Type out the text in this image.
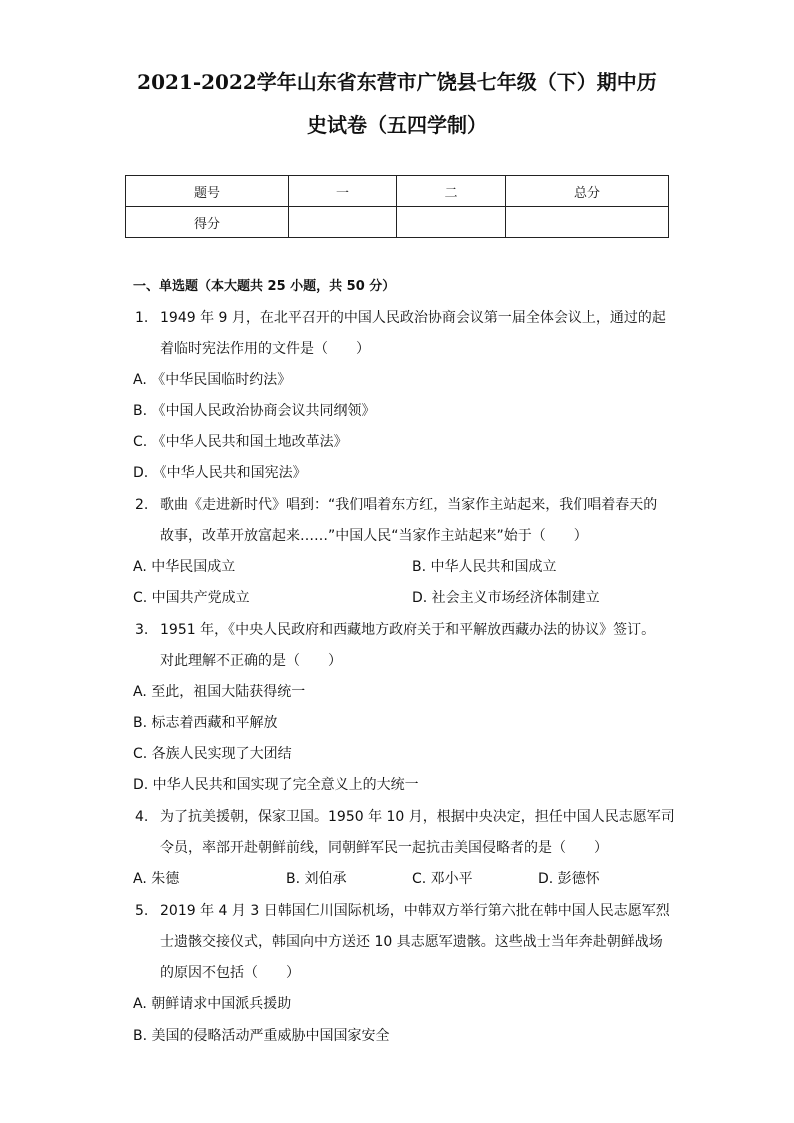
2021-2022学年山东省东营市广饶县七年级（下）期中历
史试卷（五四学制）
题号	一	二	总分
得分			
一、单选题（本大题共 25 小题，共 50 分）
1. 1949 年 9 月，在北平召开的中国人民政治协商会议第一届全体会议上，通过的起
着临时宪法作用的文件是（　　）
A. 《中华民国临时约法》
B. 《中国人民政治协商会议共同纲领》
C. 《中华人民共和国土地改革法》
D. 《中华人民共和国宪法》
2. 歌曲《走进新时代》唱到：“我们唱着东方红，当家作主站起来，我们唱着春天的
故事，改革开放富起来……”中国人民“当家作主站起来”始于（　　）
A. 中华民国成立	B. 中华人民共和国成立
C. 中国共产党成立	D. 社会主义市场经济体制建立
3. 1951 年，《中央人民政府和西藏地方政府关于和平解放西藏办法的协议》签订。
对此理解不正确的是（　　）
A. 至此，祖国大陆获得统一
B. 标志着西藏和平解放
C. 各族人民实现了大团结
D. 中华人民共和国实现了完全意义上的大统一
4. 为了抗美援朝，保家卫国。1950 年 10 月，根据中央决定，担任中国人民志愿军司
令员，率部开赴朝鲜前线，同朝鲜军民一起抗击美国侵略者的是（　　）
A. 朱德	B. 刘伯承	C. 邓小平	D. 彭德怀
5. 2019 年 4 月 3 日韩国仁川国际机场，中韩双方举行第六批在韩中国人民志愿军烈
士遗骸交接仪式，韩国向中方送还 10 具志愿军遗骸。这些战士当年奔赴朝鲜战场
的原因不包括（　　）
A. 朝鲜请求中国派兵援助
B. 美国的侵略活动严重威胁中国国家安全
